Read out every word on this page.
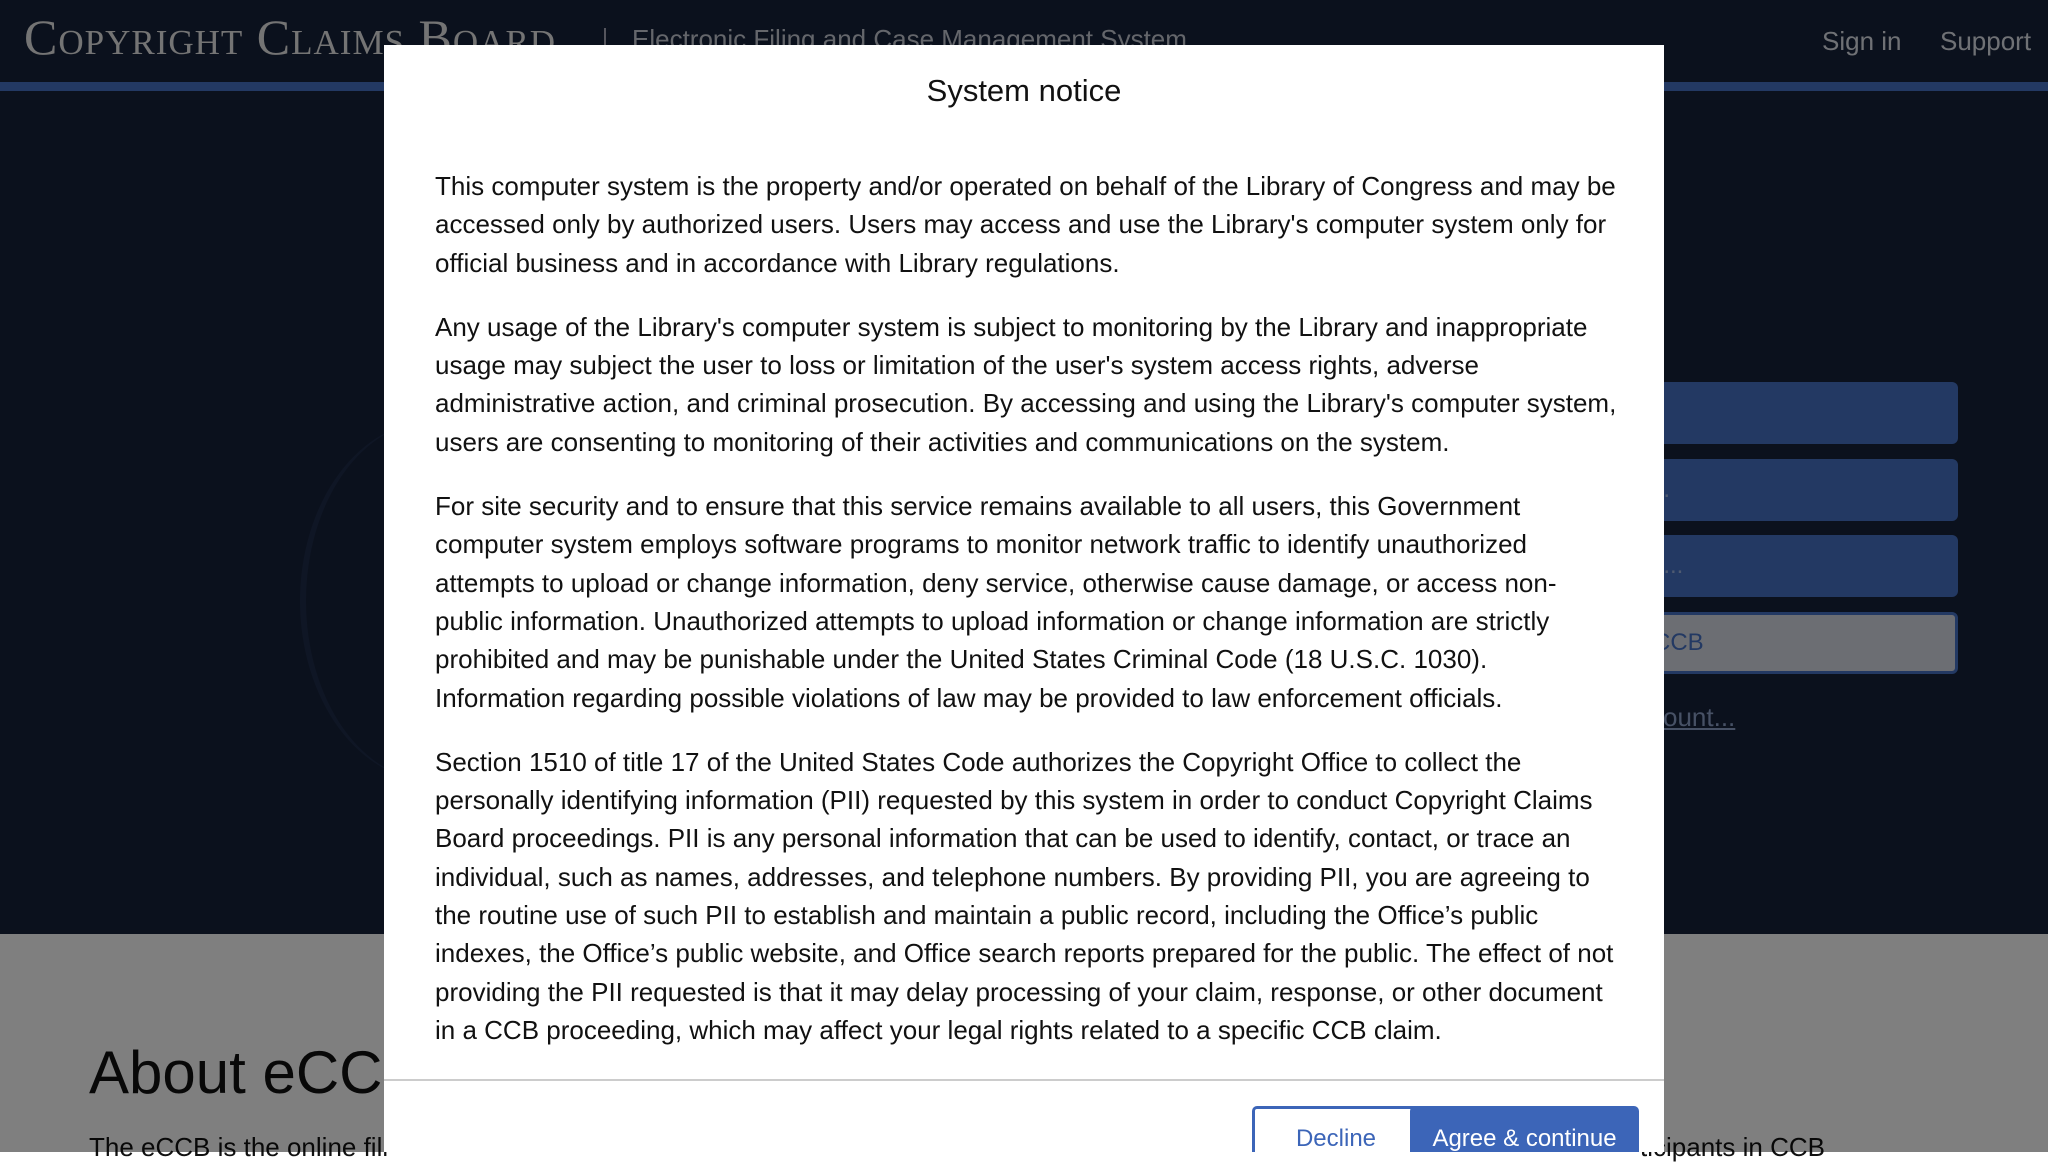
System notice

This computer system is the property and/or operated on behalf of the Library of Congress and may be accessed only by authorized users. Users may access and use the Library's computer system only for official business and in accordance with Library regulations.

Any usage of the Library's computer system is subject to monitoring by the Library and inappropriate usage may subject the user to loss or limitation of the user's system access rights, adverse administrative action, and criminal prosecution. By accessing and using the Library's computer system, users are consenting to monitoring of their activities and communications on the system.

For site security and to ensure that this service remains available to all users, this Government computer system employs software programs to monitor network traffic to identify unauthorized attempts to upload or change information, deny service, otherwise cause damage, or access non-public information. Unauthorized attempts to upload information or change information are strictly prohibited and may be punishable under the United States Criminal Code (18 U.S.C. 1030). Information regarding possible violations of law may be provided to law enforcement officials.

Section 1510 of title 17 of the United States Code authorizes the Copyright Office to collect the personally identifying information (PII) requested by this system in order to conduct Copyright Claims Board proceedings. PII is any personal information that can be used to identify, contact, or trace an individual, such as names, addresses, and telephone numbers. By providing PII, you are agreeing to the routine use of such PII to establish and maintain a public record, including the Office’s public indexes, the Office’s public website, and Office search reports prepared for the public. The effect of not providing the PII requested is that it may delay processing of your claim, response, or other document in a CCB proceeding, which may affect your legal rights related to a specific CCB claim.

Decline	Agree & continue
